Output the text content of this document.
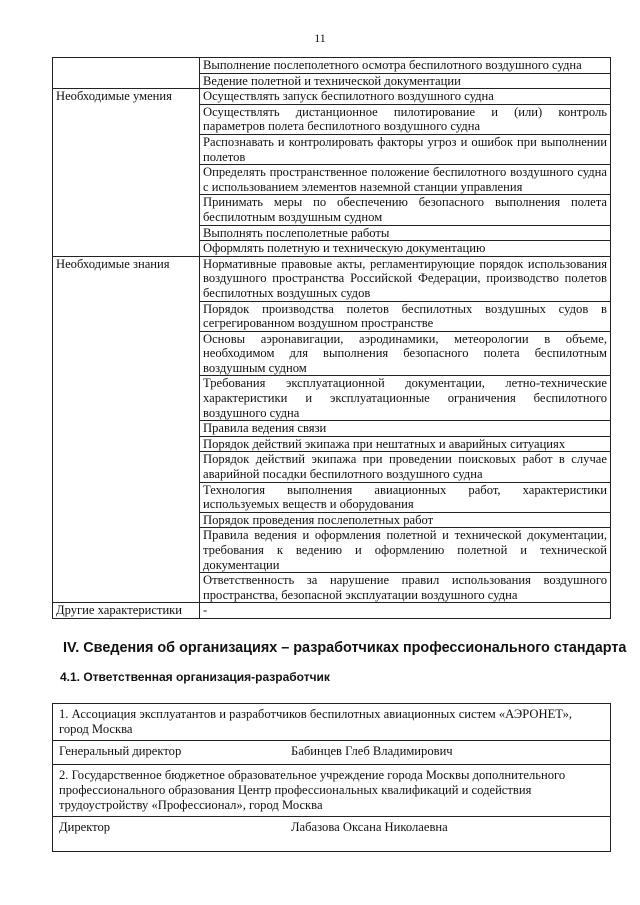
11
	Выполнение послеполетного осмотра беспилотного воздушного судна
	Ведение полетной и технической документации
Необходимые умения	Осуществлять запуск беспилотного воздушного судна
	Осуществлять дистанционное пилотирование и (или) контроль параметров полета беспилотного воздушного судна
	Распознавать и контролировать факторы угроз и ошибок при выполнении полетов
	Определять пространственное положение беспилотного воздушного судна с использованием элементов наземной станции управления
	Принимать меры по обеспечению безопасного выполнения полета беспилотным воздушным судном
	Выполнять послеполетные работы
	Оформлять полетную и техническую документацию
Необходимые знания	Нормативные правовые акты, регламентирующие порядок использования воздушного пространства Российской Федерации, производство полетов беспилотных воздушных судов
	Порядок производства полетов беспилотных воздушных судов в сегрегированном воздушном пространстве
	Основы аэронавигации, аэродинамики, метеорологии в объеме, необходимом для выполнения безопасного полета беспилотным воздушным судном
	Требования эксплуатационной документации, летно-технические характеристики и эксплуатационные ограничения беспилотного воздушного судна
	Правила ведения связи
	Порядок действий экипажа при нештатных и аварийных ситуациях
	Порядок действий экипажа при проведении поисковых работ в случае аварийной посадки беспилотного воздушного судна
	Технология выполнения авиационных работ, характеристики используемых веществ и оборудования
	Порядок проведения послеполетных работ
	Правила ведения и оформления полетной и технической документации, требования к ведению и оформлению полетной и технической документации
	Ответственность за нарушение правил использования воздушного пространства, безопасной эксплуатации воздушного судна
Другие характеристики	-
IV. Сведения об организациях – разработчиках профессионального стандарта
4.1. Ответственная организация-разработчик
1. Ассоциация эксплуатантов и разработчиков беспилотных авиационных систем «АЭРОНЕТ», город Москва
Генеральный директор	Бабинцев Глеб Владимирович
2. Государственное бюджетное образовательное учреждение города Москвы дополнительного профессионального образования Центр профессиональных квалификаций и содействия трудоустройству «Профессионал», город Москва
Директор	Лабазова Оксана Николаевна
